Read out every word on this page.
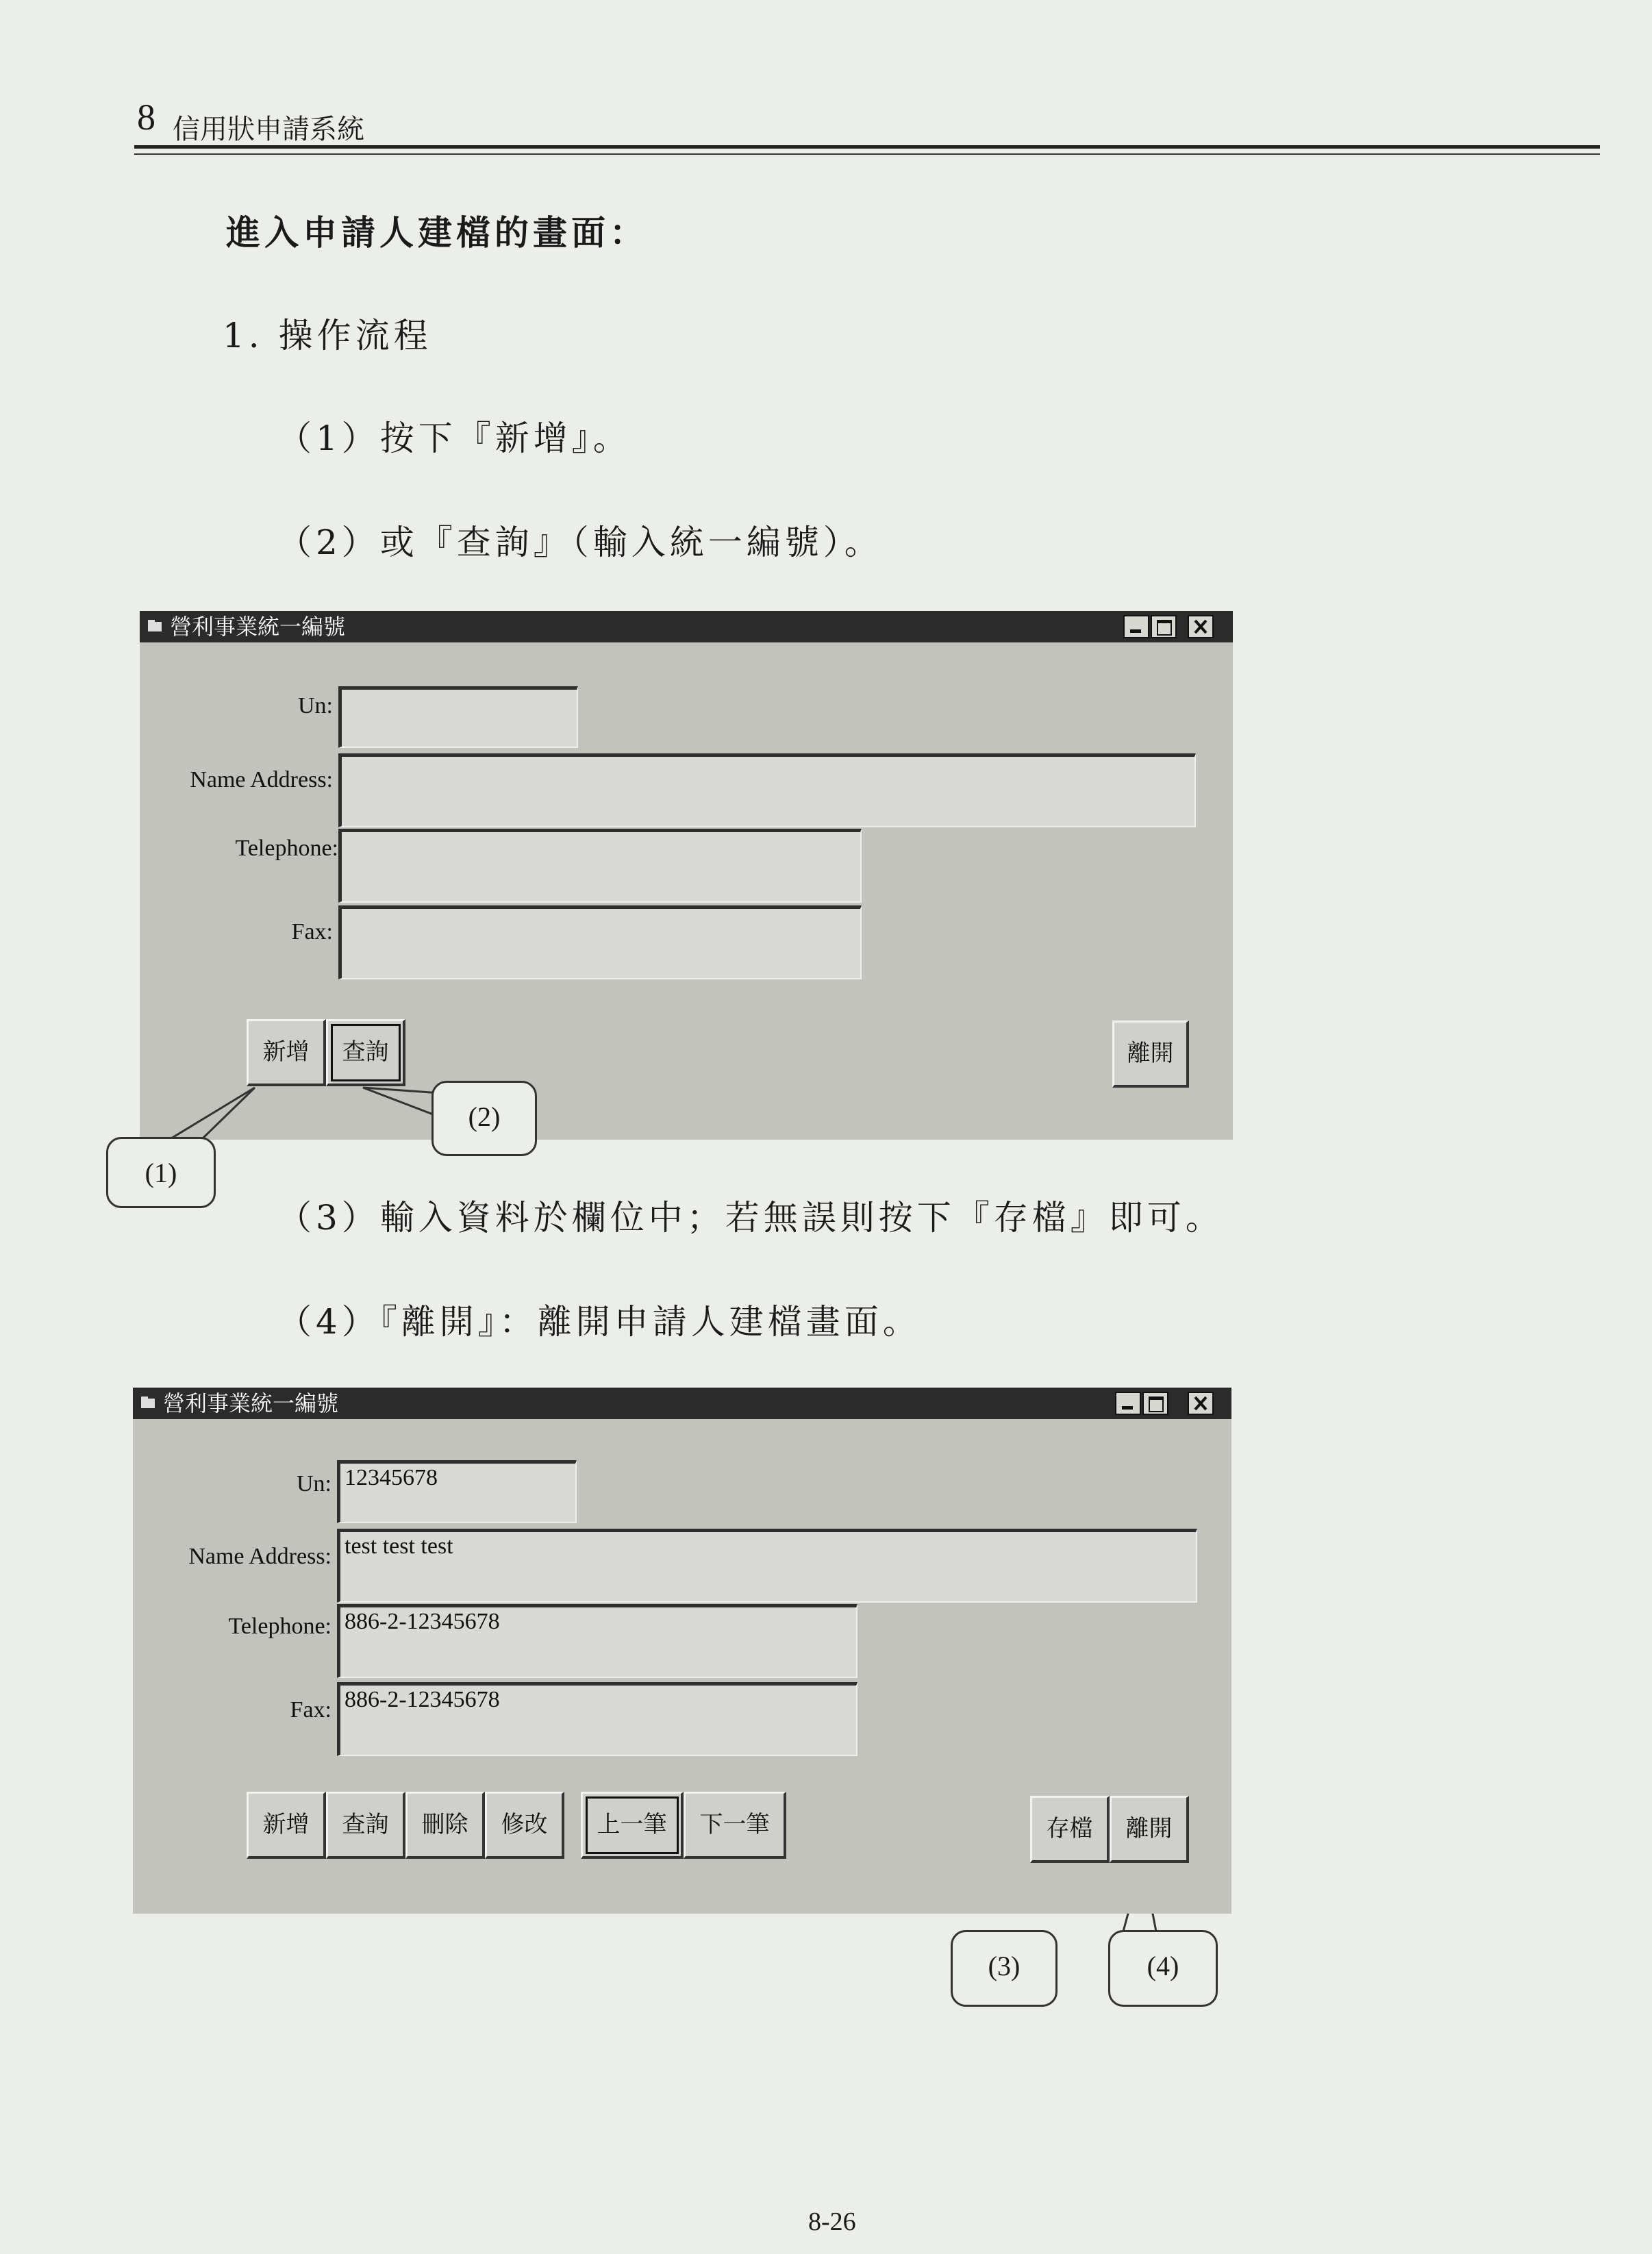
8 信用狀申請系統
進入申請人建檔的畫面：
1. 操作流程
（1）按下『新增』。
（2）或『查詢』（輸入統一編號）。
營利事業統一編號
Un:
Name Address:
Telephone:
Fax:
新增	查詢	離開
(1)
(2)
（3）輸入資料於欄位中；若無誤則按下『存檔』即可。
（4）『離開』：離開申請人建檔畫面。
營利事業統一編號
Un: 12345678
Name Address: test test test
Telephone: 886-2-12345678
Fax: 886-2-12345678
新增	查詢	刪除	修改	上一筆	下一筆	存檔	離開
(3)	(4)
8-26
